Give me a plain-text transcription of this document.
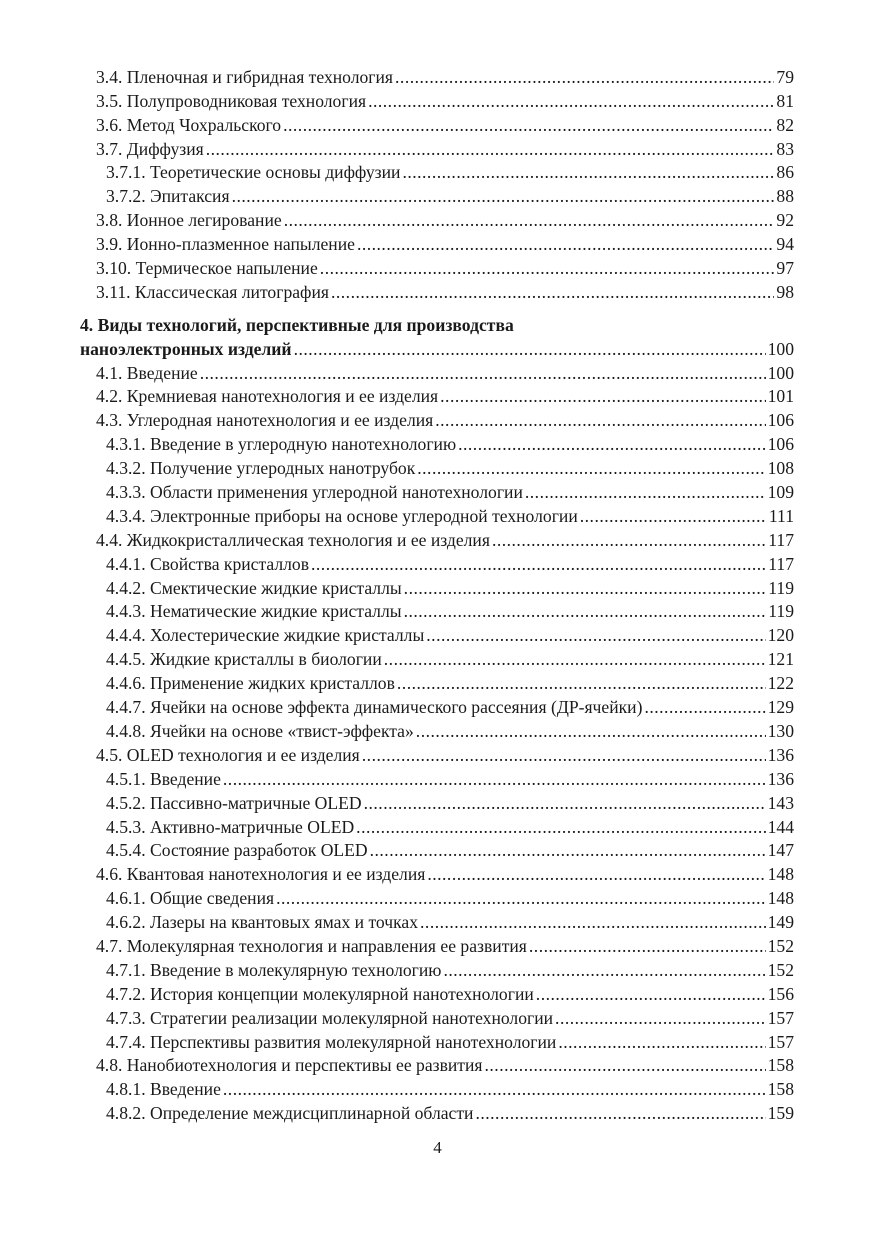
3.4. Пленочная и гибридная технология .....	79
3.5. Полупроводниковая технология .....	81
3.6. Метод Чохральского .....	82
3.7. Диффузия .....	83
3.7.1. Теоретические основы диффузии .....	86
3.7.2. Эпитаксия .....	88
3.8. Ионное легирование .....	92
3.9. Ионно-плазменное напыление .....	94
3.10. Термическое напыление .....	97
3.11. Классическая литография .....	98
4. Виды технологий, перспективные для производства
наноэлектронных изделий .....	100
4.1. Введение .....	100
4.2. Кремниевая нанотехнология и ее изделия .....	101
4.3. Углеродная нанотехнология и ее изделия .....	106
4.3.1. Введение в углеродную нанотехнологию .....	106
4.3.2. Получение углеродных нанотрубок .....	108
4.3.3. Области применения углеродной нанотехнологии .....	109
4.3.4. Электронные приборы на основе углеродной технологии .....	111
4.4. Жидкокристаллическая технология и ее изделия .....	117
4.4.1. Свойства кристаллов .....	117
4.4.2. Смектические жидкие кристаллы .....	119
4.4.3. Нематические жидкие кристаллы .....	119
4.4.4. Холестерические жидкие кристаллы .....	120
4.4.5. Жидкие кристаллы в биологии .....	121
4.4.6. Применение жидких кристаллов .....	122
4.4.7. Ячейки на основе эффекта динамического рассеяния (ДР-ячейки) .....	129
4.4.8. Ячейки на основе «твист-эффекта» .....	130
4.5. OLED технология и ее изделия .....	136
4.5.1. Введение .....	136
4.5.2. Пассивно-матричные OLED .....	143
4.5.3. Активно-матричные OLED .....	144
4.5.4. Состояние разработок OLED .....	147
4.6. Квантовая нанотехнология и ее изделия .....	148
4.6.1. Общие сведения .....	148
4.6.2. Лазеры на квантовых ямах и точках .....	149
4.7. Молекулярная технология и направления ее развития .....	152
4.7.1. Введение в молекулярную технологию .....	152
4.7.2. История концепции молекулярной нанотехнологии .....	156
4.7.3. Стратегии реализации молекулярной нанотехнологии .....	157
4.7.4. Перспективы развития молекулярной нанотехнологии .....	157
4.8. Нанобиотехнология и перспективы ее развития .....	158
4.8.1. Введение .....	158
4.8.2. Определение междисциплинарной области .....	159
4
